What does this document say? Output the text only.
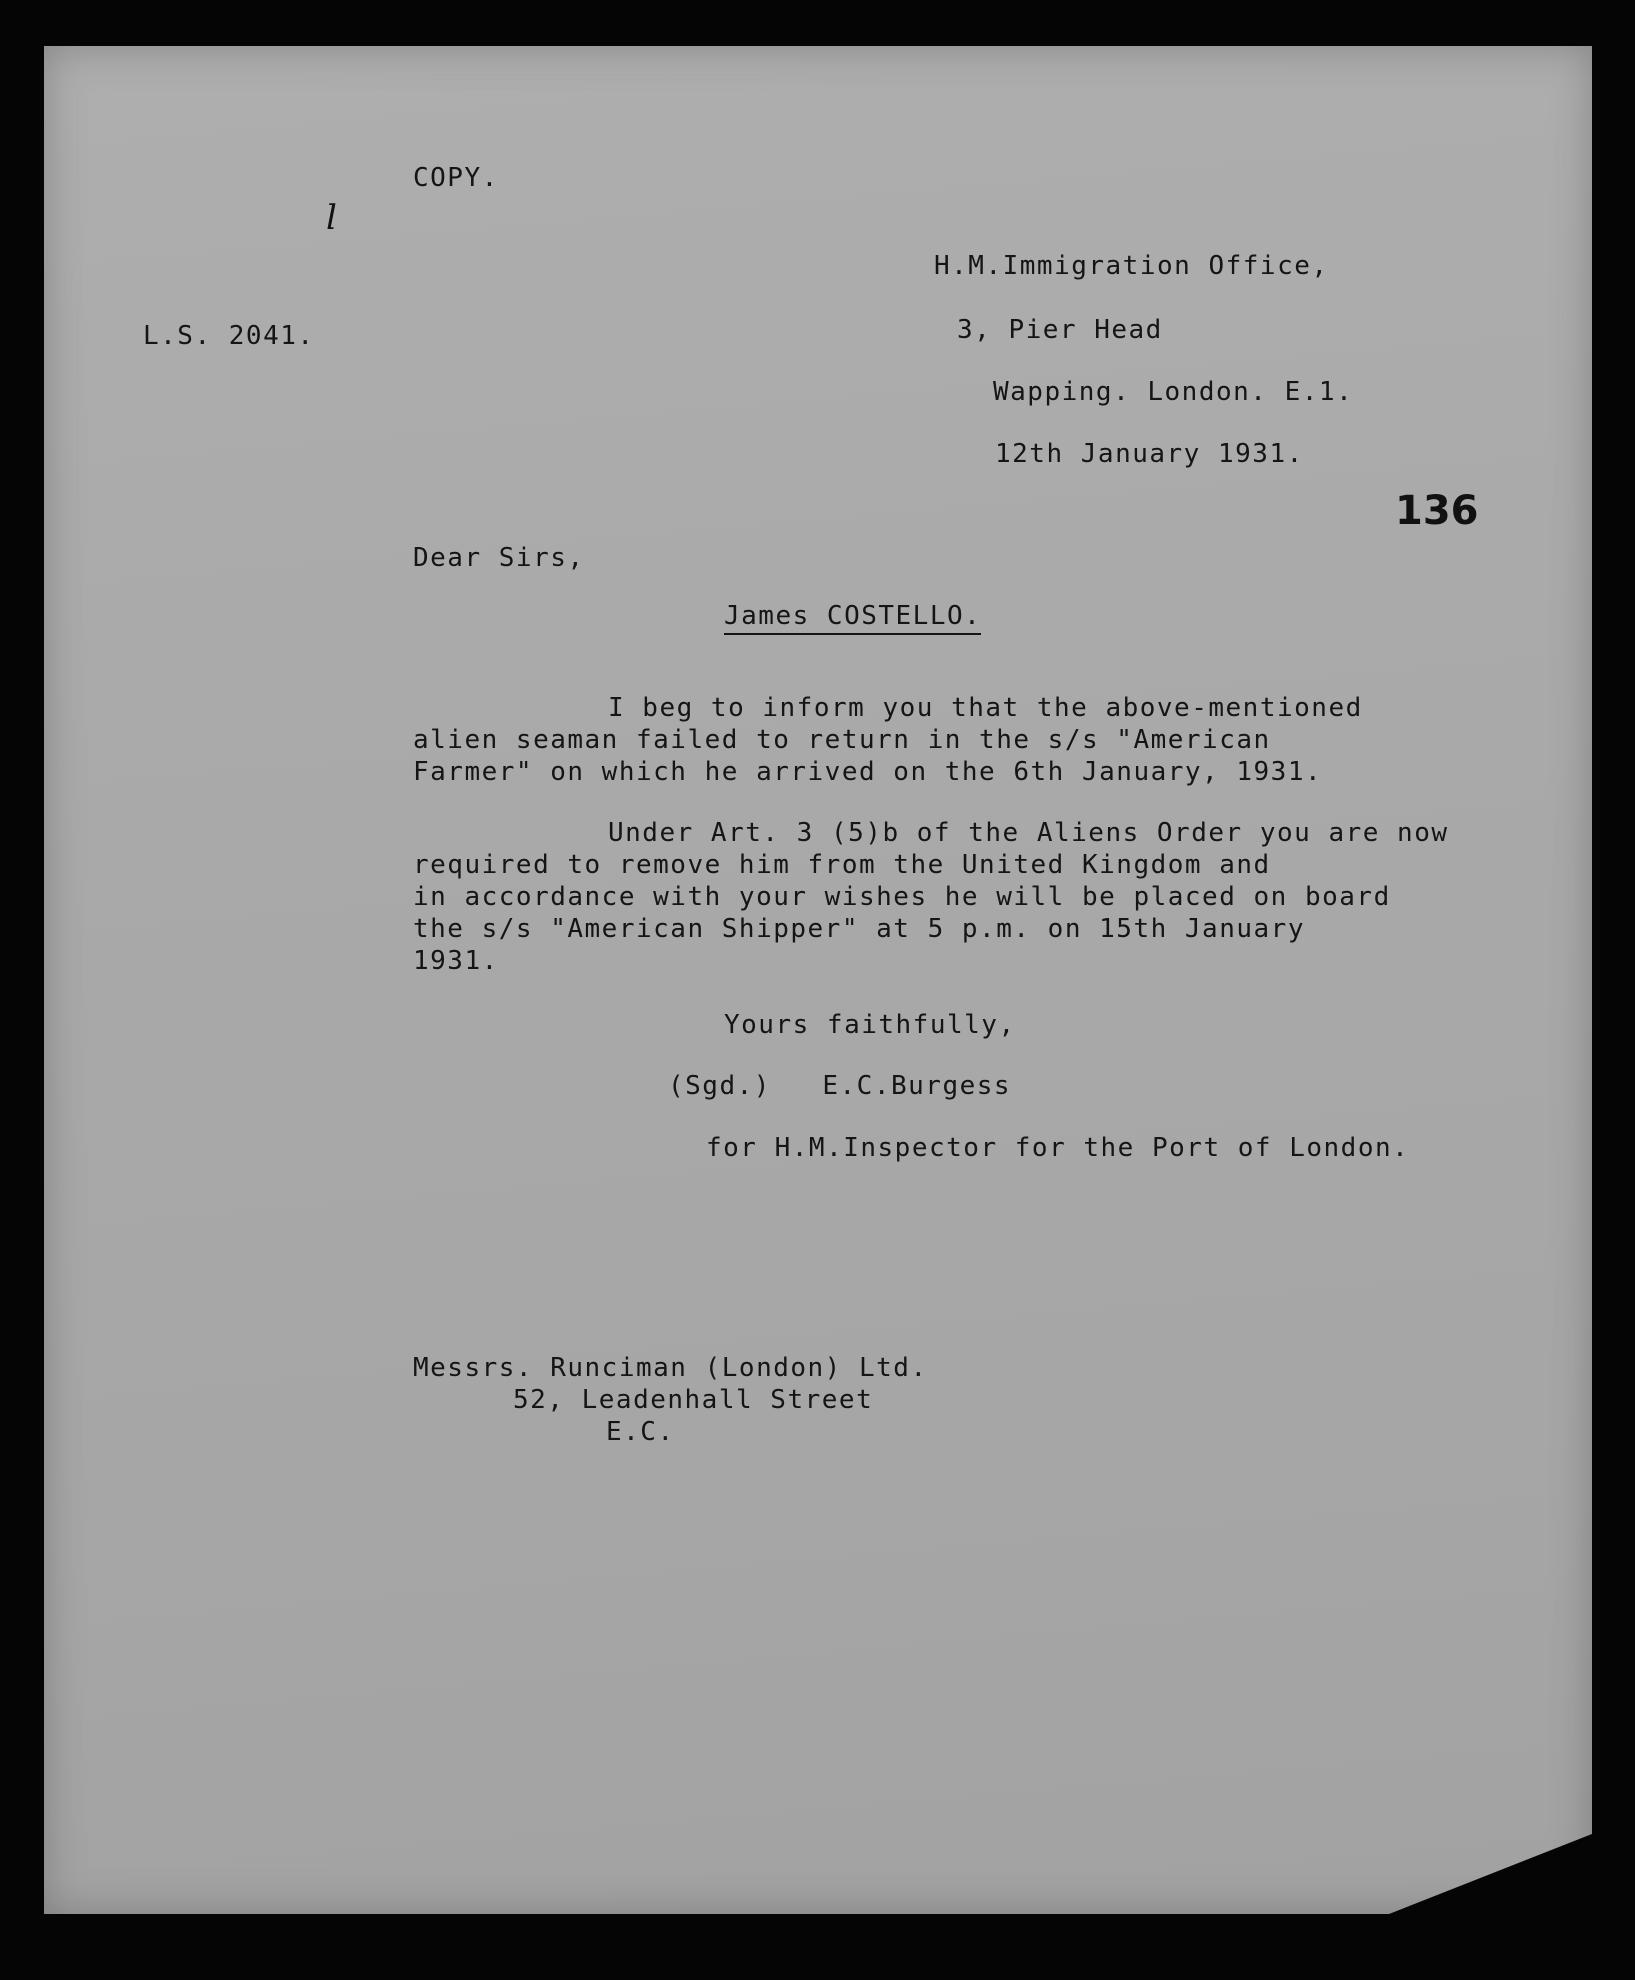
COPY.
l
L.S. 2041.
H.M.Immigration Office,
3, Pier Head
Wapping. London. E.1.
12th January 1931.
136
Dear Sirs,
James COSTELLO.
I beg to inform you that the above-mentioned
alien seaman failed to return in the s/s "American
Farmer" on which he arrived on the 6th January, 1931.
Under Art. 3 (5)b of the Aliens Order you are now
required to remove him from the United Kingdom and
in accordance with your wishes he will be placed on board
the s/s "American Shipper" at 5 p.m. on 15th January
1931.
Yours faithfully,
(Sgd.)   E.C.Burgess
for H.M.Inspector for the Port of London.
Messrs. Runciman (London) Ltd.
52, Leadenhall Street
E.C.
